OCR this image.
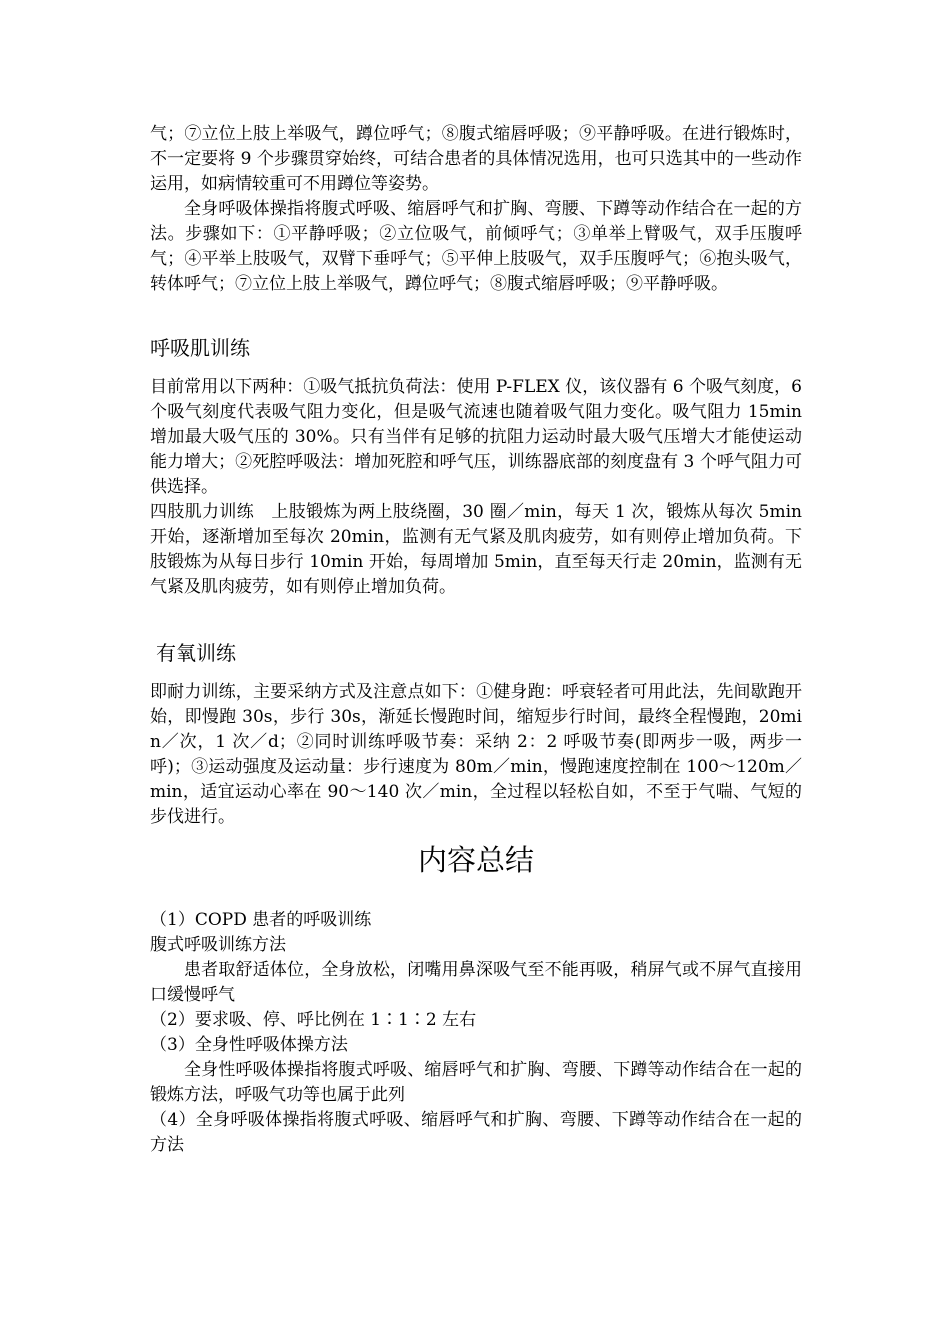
气；⑦立位上肢上举吸气，蹲位呼气；⑧腹式缩唇呼吸；⑨平静呼吸。在进行锻炼时，不一定要将 9 个步骤贯穿始终，可结合患者的具体情况选用，也可只选其中的一些动作运用，如病情较重可不用蹲位等姿势。

全身呼吸体操指将腹式呼吸、缩唇呼气和扩胸、弯腰、下蹲等动作结合在一起的方法。步骤如下：①平静呼吸；②立位吸气，前倾呼气；③单举上臂吸气，双手压腹呼气；④平举上肢吸气，双臂下垂呼气；⑤平伸上肢吸气，双手压腹呼气；⑥抱头吸气，转体呼气；⑦立位上肢上举吸气，蹲位呼气；⑧腹式缩唇呼吸；⑨平静呼吸。

呼吸肌训练

目前常用以下两种：①吸气抵抗负荷法：使用 P-FLEX 仪，该仪器有 6 个吸气刻度，6 个吸气刻度代表吸气阻力变化，但是吸气流速也随着吸气阻力变化。吸气阻力 15min 增加最大吸气压的 30%。只有当伴有足够的抗阻力运动时最大吸气压增大才能使运动能力增大；②死腔呼吸法：增加死腔和呼气压，训练器底部的刻度盘有 3 个呼气阻力可供选择。

四肢肌力训练　上肢锻炼为两上肢绕圈，30 圈／min，每天 1 次，锻炼从每次 5min 开始，逐渐增加至每次 20min，监测有无气紧及肌肉疲劳，如有则停止增加负荷。下肢锻炼为从每日步行 10min 开始，每周增加 5min，直至每天行走 20min，监测有无气紧及肌肉疲劳，如有则停止增加负荷。

有氧训练

即耐力训练，主要采纳方式及注意点如下：①健身跑：呼衰轻者可用此法，先间歇跑开始，即慢跑 30s，步行 30s，渐延长慢跑时间，缩短步行时间，最终全程慢跑，20min／次，1 次／d；②同时训练呼吸节奏：采纳 2：2 呼吸节奏(即两步一吸，两步一呼)；③运动强度及运动量：步行速度为 80m／min，慢跑速度控制在 100～120m／min，适宜运动心率在 90～140 次／min，全过程以轻松自如，不至于气喘、气短的步伐进行。

内容总结

（1）COPD 患者的呼吸训练

腹式呼吸训练方法

患者取舒适体位，全身放松，闭嘴用鼻深吸气至不能再吸，稍屏气或不屏气直接用口缓慢呼气

（2）要求吸、停、呼比例在 1∶1∶2 左右

（3）全身性呼吸体操方法

全身性呼吸体操指将腹式呼吸、缩唇呼气和扩胸、弯腰、下蹲等动作结合在一起的锻炼方法，呼吸气功等也属于此列

（4）全身呼吸体操指将腹式呼吸、缩唇呼气和扩胸、弯腰、下蹲等动作结合在一起的方法
